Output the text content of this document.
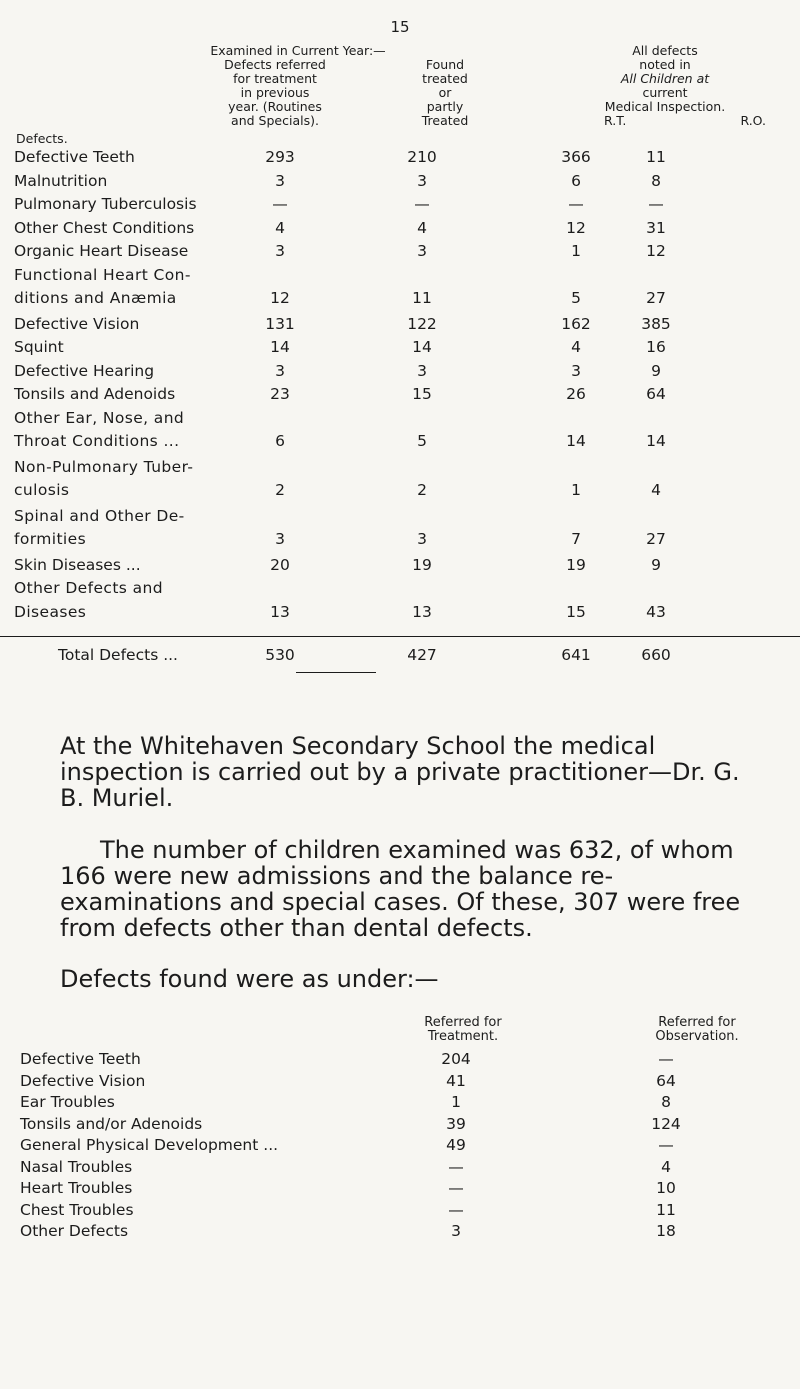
15
Examined in Current Year:—
Defects.
Defects referred
for treatment
in previous
year. (Routines
and Specials).
Found
treated
or
partly
Treated
All defects
noted in
All Children at
current
Medical Inspection.
R.T.	R.O.
Defective Teeth	293	210	366	11
Malnutrition	3	3	6	8
Pulmonary Tuberculosis	—	—	—	—
Other Chest Conditions	4	4	12	31
Organic Heart Disease	3	3	1	12
Functional Heart Con-
ditions and Anæmia	12	11	5	27
Defective Vision	131	122	162	385
Squint	14	14	4	16
Defective Hearing	3	3	3	9
Tonsils and Adenoids	23	15	26	64
Other Ear, Nose, and
Throat Conditions ...	6	5	14	14
Non-Pulmonary Tuber-
culosis	2	2	1	4
Spinal and Other De-
formities	3	3	7	27
Skin Diseases ...	20	19	19	9
Other Defects and
Diseases	13	13	15	43
Total Defects ...	530	427	641	660
At the Whitehaven Secondary School the medical inspection is carried out by a private practitioner—Dr. G. B. Muriel.
The number of children examined was 632, of whom 166 were new admissions and the balance re-examinations and special cases. Of these, 307 were free from defects other than dental defects.
Defects found were as under:—
Referred for
Treatment.
Referred for
Observation.
Defective Teeth	204	—
Defective Vision	41	64
Ear Troubles	1	8
Tonsils and/or Adenoids	39	124
General Physical Development ...	49	—
Nasal Troubles	—	4
Heart Troubles	—	10
Chest Troubles	—	11
Other Defects	3	18
